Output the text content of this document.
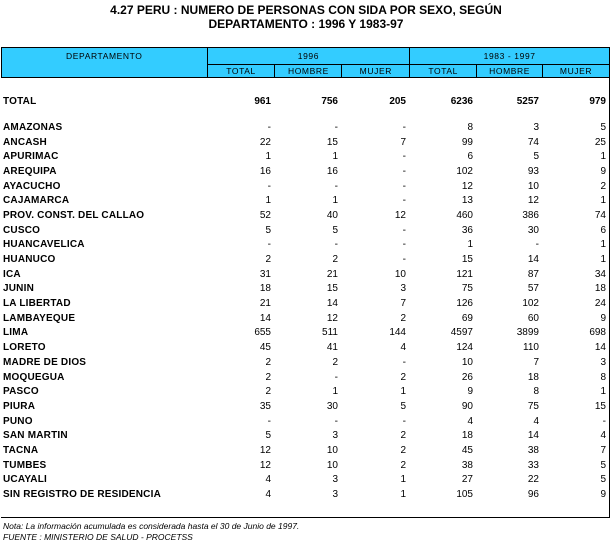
4.27 PERU : NUMERO DE PERSONAS CON SIDA POR SEXO, SEGÚN
DEPARTAMENTO : 1996 Y 1983-97
DEPARTAMENTO	1996			1983 - 1997		
	TOTAL	HOMBRE	MUJER	TOTAL	HOMBRE	MUJER
TOTAL	961	756	205	6236	5257	979

AMAZONAS	-	-	-	8	3	5
ANCASH	22	15	7	99	74	25
APURIMAC	1	1	-	6	5	1
AREQUIPA	16	16	-	102	93	9
AYACUCHO	-	-	-	12	10	2
CAJAMARCA	1	1	-	13	12	1
PROV. CONST. DEL CALLAO	52	40	12	460	386	74
CUSCO	5	5	-	36	30	6
HUANCAVELICA	-	-	-	1	-	1
HUANUCO	2	2	-	15	14	1
ICA	31	21	10	121	87	34
JUNIN	18	15	3	75	57	18
LA LIBERTAD	21	14	7	126	102	24
LAMBAYEQUE	14	12	2	69	60	9
LIMA	655	511	144	4597	3899	698
LORETO	45	41	4	124	110	14
MADRE DE DIOS	2	2	-	10	7	3
MOQUEGUA	2	-	2	26	18	8
PASCO	2	1	1	9	8	1
PIURA	35	30	5	90	75	15
PUNO	-	-	-	4	4	-
SAN MARTIN	5	3	2	18	14	4
TACNA	12	10	2	45	38	7
TUMBES	12	10	2	38	33	5
UCAYALI	4	3	1	27	22	5
SIN REGISTRO DE RESIDENCIA	4	3	1	105	96	9
Nota: La información acumulada es considerada hasta el 30 de Junio de 1997.
FUENTE : MINISTERIO DE SALUD - PROCETSS
